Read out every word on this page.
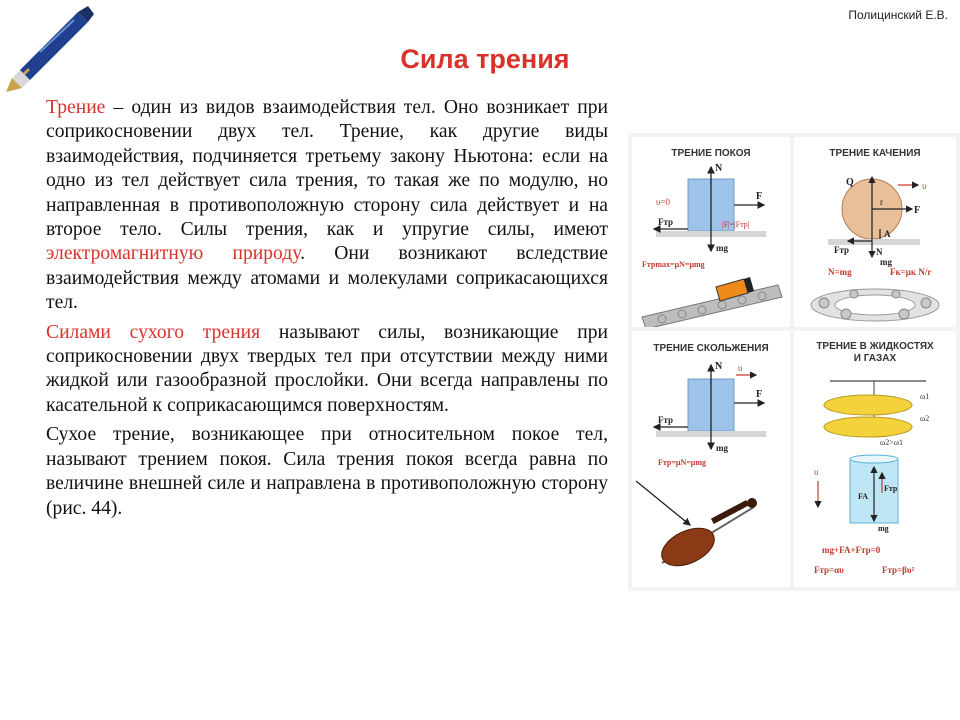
Полицинский Е.В.
Сила трения

Трение – один из видов взаимодействия тел. Оно возникает при соприкосновении двух тел. Трение, как другие виды взаимодействия, подчиняется третьему закону Ньютона: если на одно из тел действует сила трения, то такая же по модулю, но направленная в противоположную сторону сила действует и на второе тело. Силы трения, как и упругие силы, имеют электромагнитную природу. Они возникают вследствие взаимодействия между атомами и молекулами соприкасающихся тел.

Силами сухого трения называют силы, возникающие при соприкосновении двух твердых тел при отсутствии между ними жидкой или газообразной прослойки. Они всегда направлены по касательной к соприкасающимся поверхностям.

Сухое трение, возникающее при относительном покое тел, называют трением покоя. Сила трения покоя всегда равна по величине внешней силе и направлена в противоположную сторону (рис. 44).

ТРЕНИЕ ПОКОЯ
N
F
υ=0
Fтр
mg
|F|=|Fтр|
Fтрmax=μN=μmg
ТРЕНИЕ КАЧЕНИЯ
Q	υ
F
r
A
Fтр	N
mg
N=mg	Fк=μк N/r
ТРЕНИЕ СКОЛЬЖЕНИЯ
N υ
F
Fтр
mg
Fтр=μN=μmg
ТРЕНИЕ В ЖИДКОСТЯХ
И ГАЗАХ
ω1
ω2
ω2>ω1
υ
FA
Fтр
mg
mg+FA+Fтр=0
Fтр=αυ	Fтр=βυ²
